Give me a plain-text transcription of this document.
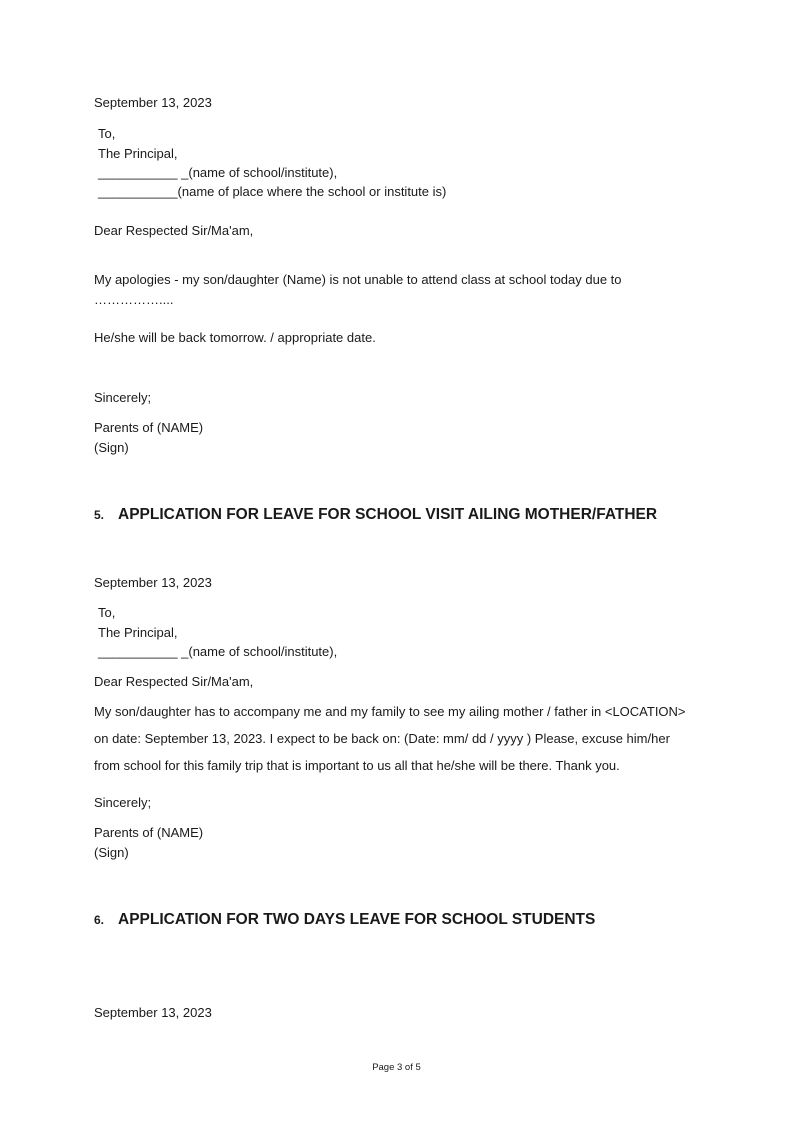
September 13, 2023
To,
The Principal,
___________ _(name of school/institute),
___________(name of place where the school or institute is)
Dear Respected Sir/Ma'am,
My apologies - my son/daughter (Name) is not unable to attend class at school today due to
……………....
He/she will be back tomorrow. / appropriate date.
Sincerely;
Parents of (NAME)
(Sign)
5. APPLICATION FOR LEAVE FOR SCHOOL VISIT AILING MOTHER/FATHER
September 13, 2023
To,
The Principal,
___________ _(name of school/institute),
Dear Respected Sir/Ma'am,
My son/daughter has to accompany me and my family to see my ailing mother / father in <LOCATION>
on date: September 13, 2023. I expect to be back on: (Date: mm/ dd / yyyy ) Please, excuse him/her
from school for this family trip that is important to us all that he/she will be there. Thank you.
Sincerely;
Parents of (NAME)
(Sign)
6. APPLICATION FOR TWO DAYS LEAVE FOR SCHOOL STUDENTS
September 13, 2023
Page 3 of 5
